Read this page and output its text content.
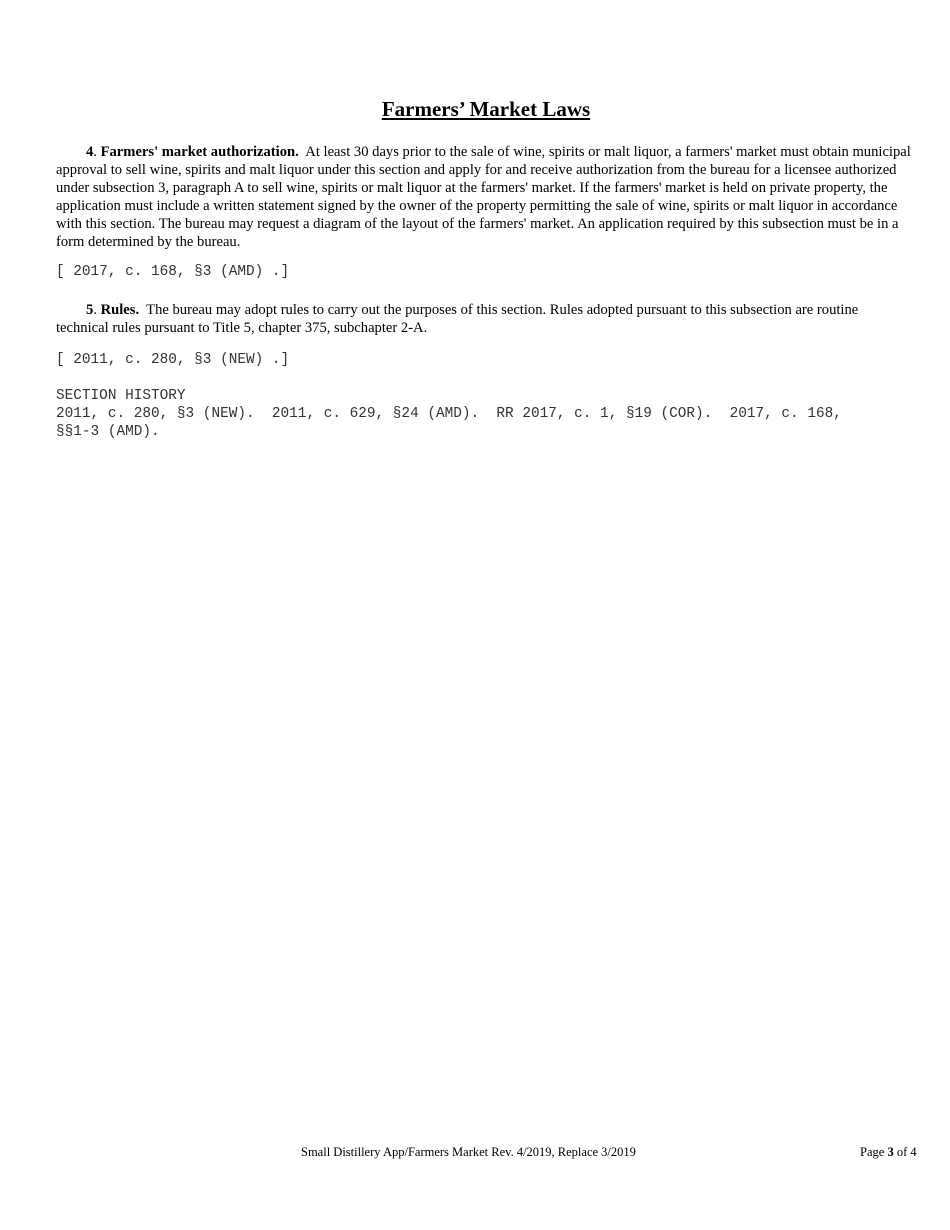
Farmers’ Market Laws

4. Farmers' market authorization. At least 30 days prior to the sale of wine, spirits or malt liquor, a farmers' market must obtain municipal approval to sell wine, spirits and malt liquor under this section and apply for and receive authorization from the bureau for a licensee authorized under subsection 3, paragraph A to sell wine, spirits or malt liquor at the farmers' market. If the farmers' market is held on private property, the application must include a written statement signed by the owner of the property permitting the sale of wine, spirits or malt liquor in accordance with this section. The bureau may request a diagram of the layout of the farmers' market. An application required by this subsection must be in a form determined by the bureau.

[ 2017, c. 168, §3 (AMD) .]

5. Rules. The bureau may adopt rules to carry out the purposes of this section. Rules adopted pursuant to this subsection are routine technical rules pursuant to Title 5, chapter 375, subchapter 2-A.

[ 2011, c. 280, §3 (NEW) .]

SECTION HISTORY

2011, c. 280, §3 (NEW).  2011, c. 629, §24 (AMD).  RR 2017, c. 1, §19 (COR).  2017, c. 168,

§§1-3 (AMD).

Small Distillery App/Farmers Market Rev. 4/2019, Replace 3/2019	Page 3 of 4
